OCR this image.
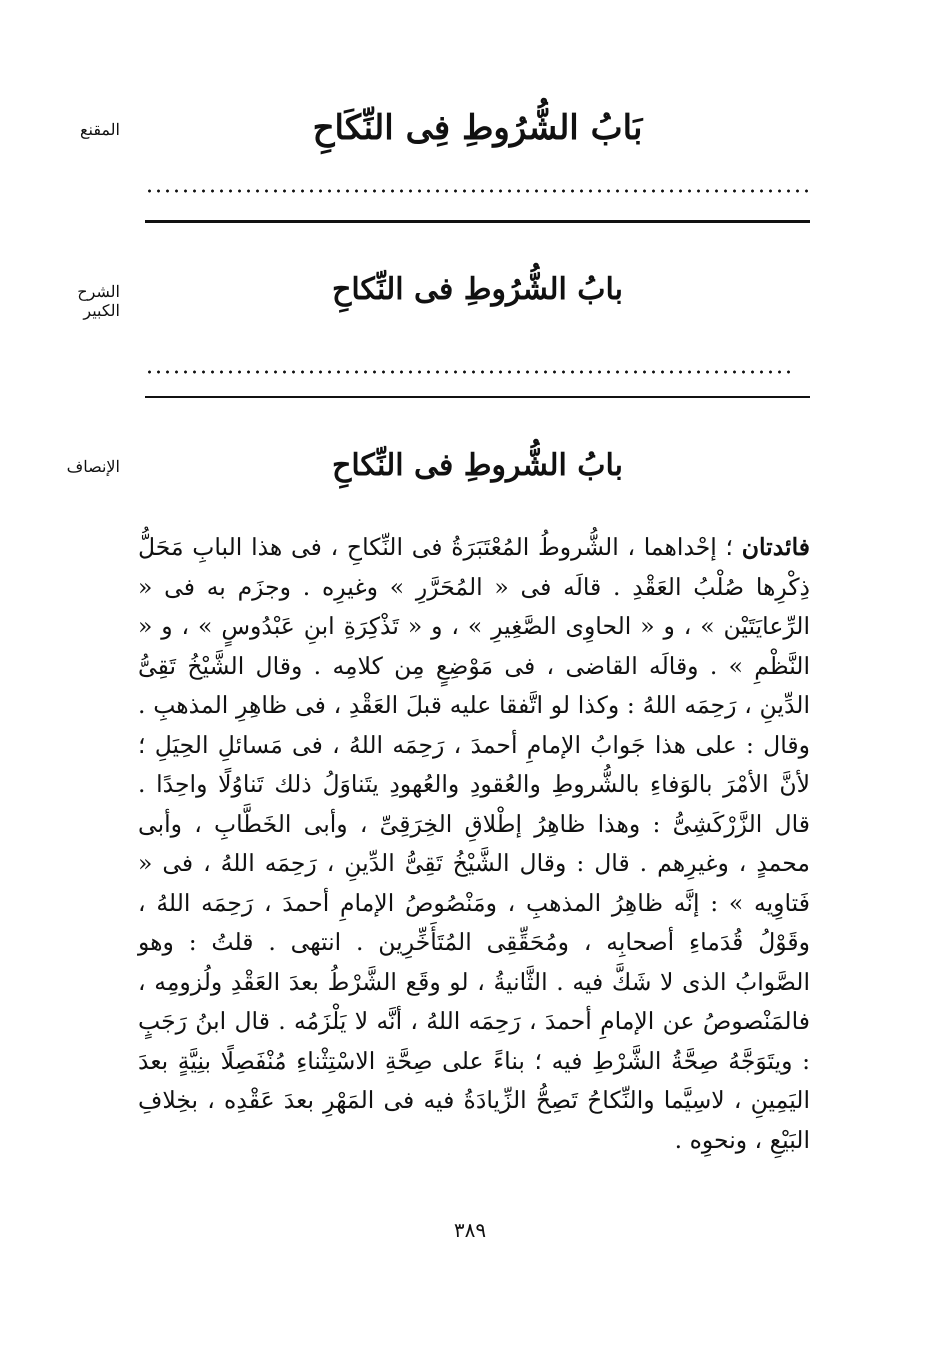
المقنع	بَابُ الشُّرُوطِ فِى النِّكَاحِ
الشرح الكبير
بابُ الشُّرُوطِ فى النِّكاحِ
الإنصاف	بابُ الشُّروطِ فى النِّكاحِ

فائدتان ؛ إحْداهما ، الشُّروطُ المُعْتَبَرَةُ فى النِّكاحِ ، فى هذا البابِ مَحَلُّ ذِكْرِها صُلْبُ العَقْدِ . قالَه فى « المُحَرَّرِ » وغيرِه . وجزَم به فى « الرِّعايَتَيْن » ، و « الحاوِى الصَّغِيرِ » ، و « تَذْكِرَةِ ابنِ عَبْدُوسٍ » ، و « النَّظْمِ » . وقالَه القاضى ، فى مَوْضِعٍ مِن كلامِه . وقال الشَّيْخُ تَقِىُّ الدِّينِ ، رَحِمَه اللهُ : وكذا لو اتَّفقا عليه قبلَ العَقْدِ ، فى ظاهِرِ المذهبِ . وقال : على هذا جَوابُ الإمامِ أحمدَ ، رَحِمَه اللهُ ، فى مَسائلِ الحِيَلِ ؛ لأنَّ الأمْرَ بالوَفاءِ بالشُّروطِ والعُقودِ والعُهودِ يتَناوَلُ ذلك تَناوُلًا واحِدًا . قال الزَّرْكَشِىُّ : وهذا ظاهِرُ إطْلاقِ الخِرَقِىِّ ، وأبى الخَطَّابِ ، وأبى محمدٍ ، وغيرِهم . قال : وقال الشَّيْخُ تَقِىُّ الدِّينِ ، رَحِمَه اللهُ ، فى « فَتاوِيه » : إنَّه ظاهِرُ المذهبِ ، ومَنْصُوصُ الإمامِ أحمدَ ، رَحِمَه اللهُ ، وقَوْلُ قُدَماءِ أصحابِه ، ومُحَقِّقِى المُتَأَخِّرِين . انتهى . قلتُ : وهو الصَّوابُ الذى لا شَكَّ فيه . الثَّانيةُ ، لو وقَع الشَّرْطُ بعدَ العَقْدِ ولُزومِه ، فالمَنْصوصُ عن الإمامِ أحمدَ ، رَحِمَه اللهُ ، أنَّه لا يَلْزَمُه . قال ابنُ رَجَبٍ : ويتَوَجَّهُ صِحَّةُ الشَّرْطِ فيه ؛ بناءً على صِحَّةِ الاسْتِثْناءِ مُنْفَصِلًا بنِيَّةٍ بعدَ اليَمِينِ ، لاسِيَّما والنِّكاحُ تَصِحُّ الزِّيادَةُ فيه فى المَهْرِ بعدَ عَقْدِه ، بخِلافِ البَيْعِ ، ونحوِه .

٣٨٩
